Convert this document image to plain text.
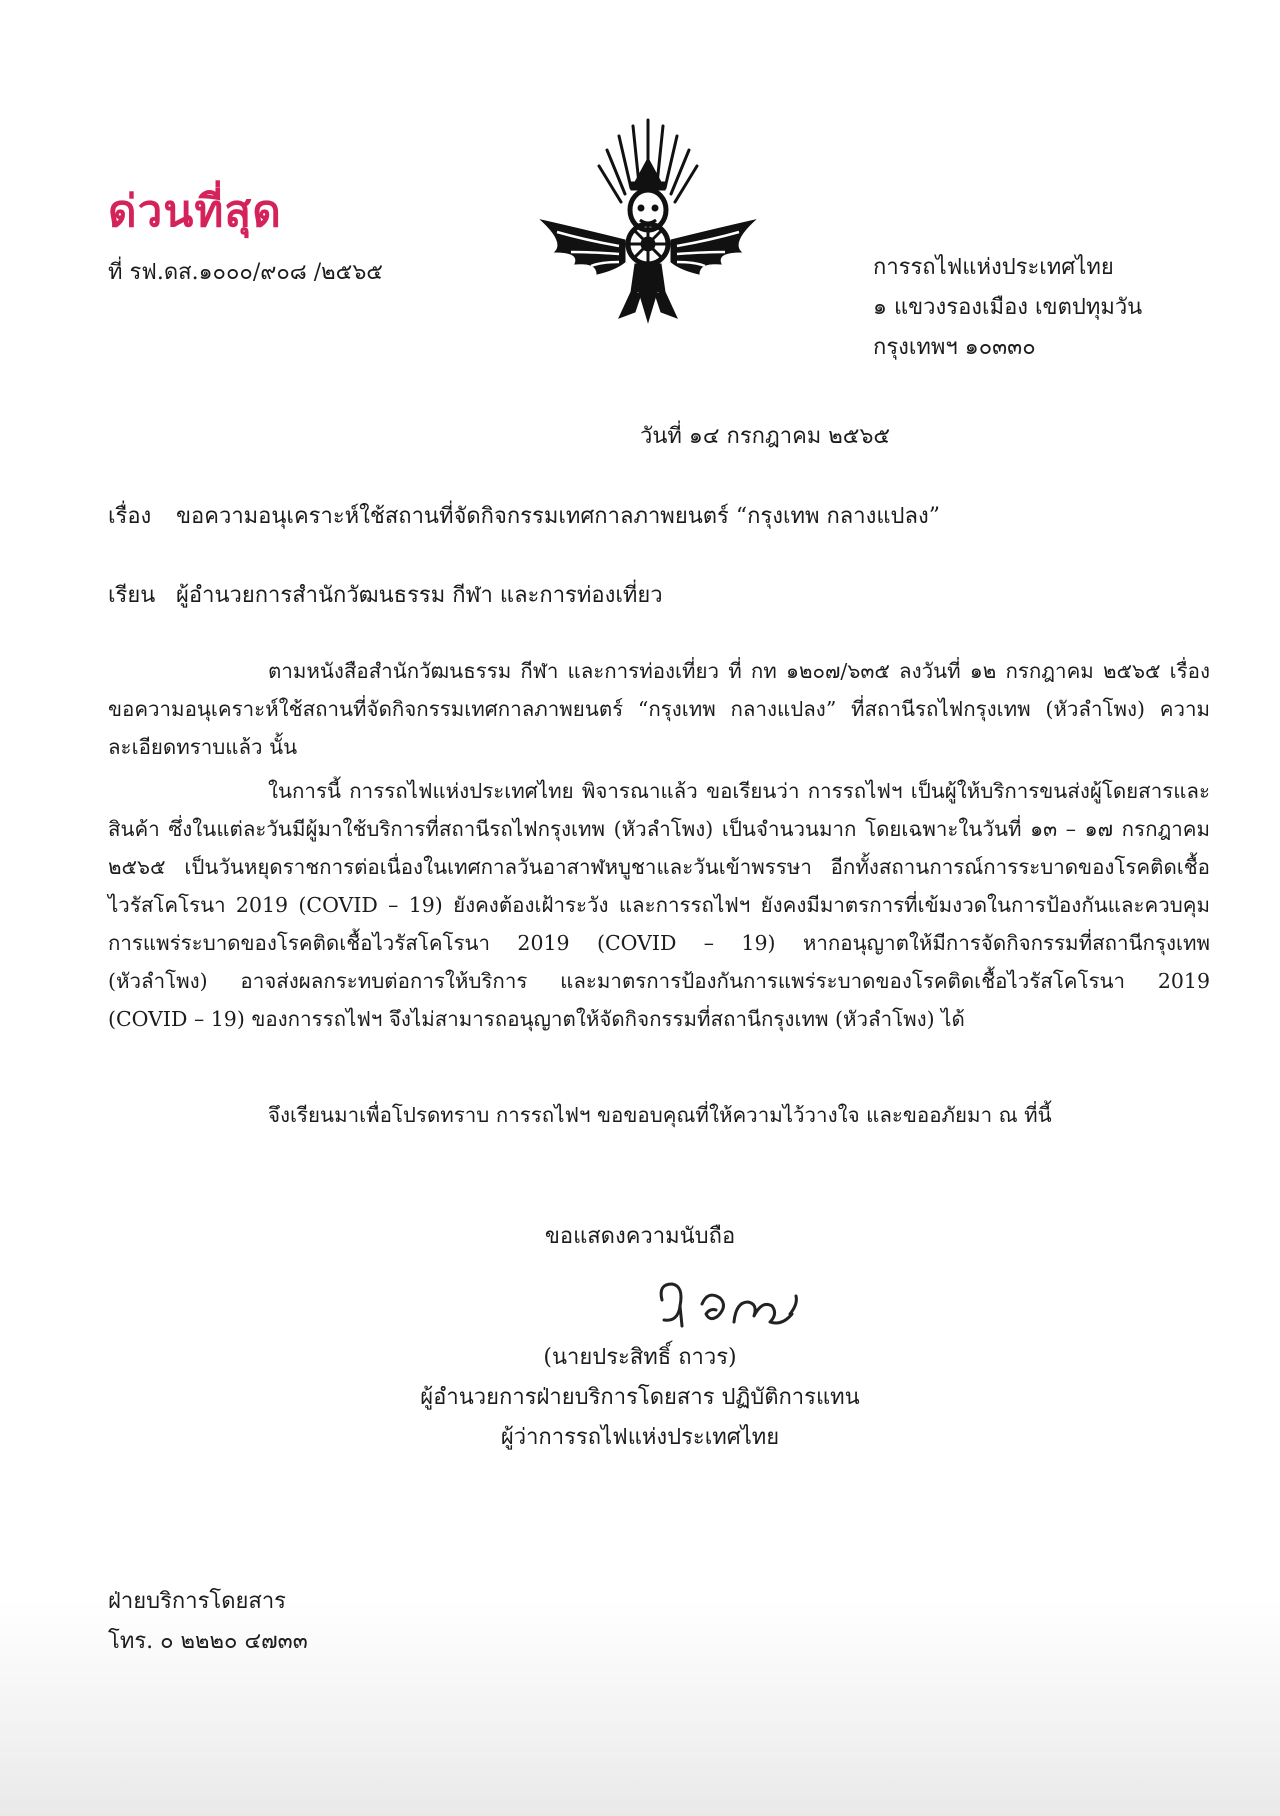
ด่วนที่สุด
ที่ รฟ.ดส.๑๐๐๐/๙๐๘ /๒๕๖๕	การรถไฟแห่งประเทศไทย
๑ แขวงรองเมือง เขตปทุมวัน
กรุงเทพฯ ๑๐๓๓๐
วันที่ ๑๔ กรกฎาคม ๒๕๖๕
เรื่อง ขอความอนุเคราะห์ใช้สถานที่จัดกิจกรรมเทศกาลภาพยนตร์ “กรุงเทพ กลางแปลง”
เรียน ผู้อำนวยการสำนักวัฒนธรรม กีฬา และการท่องเที่ยว

ตามหนังสือสำนักวัฒนธรรม กีฬา และการท่องเที่ยว ที่ กท ๑๒๐๗/๖๓๕ ลงวันที่ ๑๒ กรกฎาคม ๒๕๖๕ เรื่อง ขอความอนุเคราะห์ใช้สถานที่จัดกิจกรรมเทศกาลภาพยนตร์ “กรุงเทพ กลางแปลง” ที่สถานีรถไฟกรุงเทพ (หัวลำโพง) ความละเอียดทราบแล้ว นั้น

ในการนี้ การรถไฟแห่งประเทศไทย พิจารณาแล้ว ขอเรียนว่า การรถไฟฯ เป็นผู้ให้บริการขนส่งผู้โดยสารและสินค้า ซึ่งในแต่ละวันมีผู้มาใช้บริการที่สถานีรถไฟกรุงเทพ (หัวลำโพง) เป็นจำนวนมาก โดยเฉพาะในวันที่ ๑๓ – ๑๗ กรกฎาคม ๒๕๖๕ เป็นวันหยุดราชการต่อเนื่องในเทศกาลวันอาสาฬหบูชาและวันเข้าพรรษา อีกทั้งสถานการณ์การระบาดของโรคติดเชื้อไวรัสโคโรนา 2019 (COVID – 19) ยังคงต้องเฝ้าระวัง และการรถไฟฯ ยังคงมีมาตรการที่เข้มงวดในการป้องกันและควบคุมการแพร่ระบาดของโรคติดเชื้อไวรัสโคโรนา 2019 (COVID – 19) หากอนุญาตให้มีการจัดกิจกรรมที่สถานีกรุงเทพ (หัวลำโพง) อาจส่งผลกระทบต่อการให้บริการ และมาตรการป้องกันการแพร่ระบาดของโรคติดเชื้อไวรัสโคโรนา 2019 (COVID – 19) ของการรถไฟฯ จึงไม่สามารถอนุญาตให้จัดกิจกรรมที่สถานีกรุงเทพ (หัวลำโพง) ได้

จึงเรียนมาเพื่อโปรดทราบ การรถไฟฯ ขอขอบคุณที่ให้ความไว้วางใจ และขออภัยมา ณ ที่นี้

ขอแสดงความนับถือ
(นายประสิทธิ์ ถาวร)
ผู้อำนวยการฝ่ายบริการโดยสาร ปฏิบัติการแทน
ผู้ว่าการรถไฟแห่งประเทศไทย
ฝ่ายบริการโดยสาร
โทร. ๐ ๒๒๒๐ ๔๗๓๓
